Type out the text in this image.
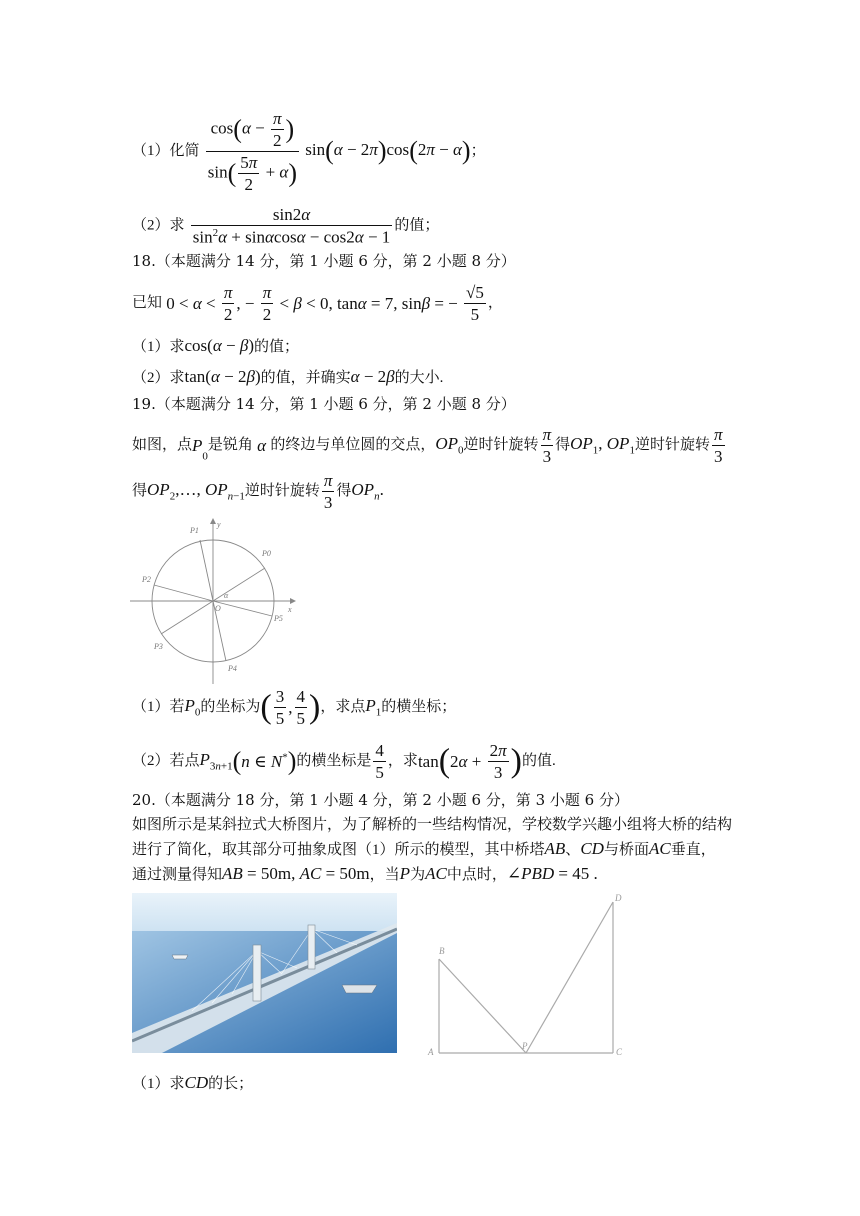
（1）化简 $\frac{\cos(\alpha - \frac{\pi}{2} )}{\sin( \frac{5\pi}{2} + \alpha)} \sin(\alpha - 2\pi)\cos(2\pi - \alpha)$；
（2）求 $\frac{\sin 2\alpha}{\sin^2\alpha + \sin\alpha\cos\alpha - \cos 2\alpha - 1}$ 的值；
18.（本题满分 14 分，第 1 小题 6 分，第 2 小题 8 分）
已知 $0 < \alpha < \frac{\pi}{2}$ , − $\frac{\pi}{2} < \beta < 0$, tanα = 7, sinβ = − $\frac{√5}{5}$ ，
（1）求cos(α − β)的值；
（2）求tan(α − 2β)的值，并确实α − 2β的大小.
19.（本题满分 14 分，第 1 小题 6 分，第 2 小题 8 分）
如图，点$P_0$是锐角 α 的终边与单位圆的交点，$OP_0$逆时针旋转 $\frac{\pi}{3}$ 得$OP_1$, $OP_1$逆时针旋转 $\frac{\pi}{3}$
得$OP_2,\dots$, $OP_{n-1}$逆时针旋转 $\frac{\pi}{3}$ 得$OP_n$.
y
x
O
α
P1
P0
P2
P5
P3
P4
（1）若$P_0$的坐标为( $\frac{3}{5}$ , $\frac{4}{5}$ )，求点$P_1$的横坐标；
（2）若点$P_{3n+1}(n$ ∈ N*)的横坐标是 $\frac{4}{5}$ ，求$\tan(2\alpha + \frac{2\pi}{3}$ )的值.
20.（本题满分 18 分，第 1 小题 4 分，第 2 小题 6 分，第 3 小题 6 分）
如图所示是某斜拉式大桥图片，为了解桥的一些结构情况，学校数学兴趣小组将大桥的结构
进行了简化，取其部分可抽象成图（1）所示的模型，其中桥塔AB、CD与桥面AC垂直，
通过测量得知AB = 50m, AC = 50m，当P为AC中点时，∠PBD = 45 .
A
B
P
C
D
（1）求CD的长；
